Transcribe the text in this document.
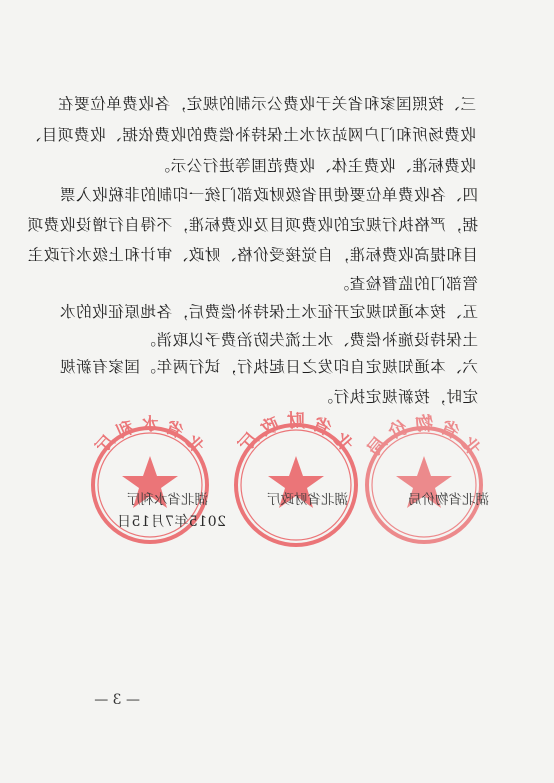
三、按照国家和省关于收费公示制的规定，各收费单位要在
收费场所和门户网站对水土保持补偿费的收费依据、收费项目、
收费标准、收费主体、收费范围等进行公示。
四、各收费单位要使用省级财政部门统一印制的非税收入票
据，严格执行规定的收费项目及收费标准，不得自行增设收费项
目和提高收费标准，自觉接受价格、财政、审计和上级水行政主
管部门的监督检查。
五、按本通知规定开征水土保持补偿费后，各地原征收的水
土保持设施补偿费、水土流失防治费予以取消。
六、本通知规定自印发之日起执行，试行两年。国家有新规
定时，按新规定执行。
北 省 水 利 厅	北 省 财 政 厅	北 省 物 价 局
湖北省水利厅	湖北省财政厅	湖北省物价局
2015年7月15日
— 3 —
